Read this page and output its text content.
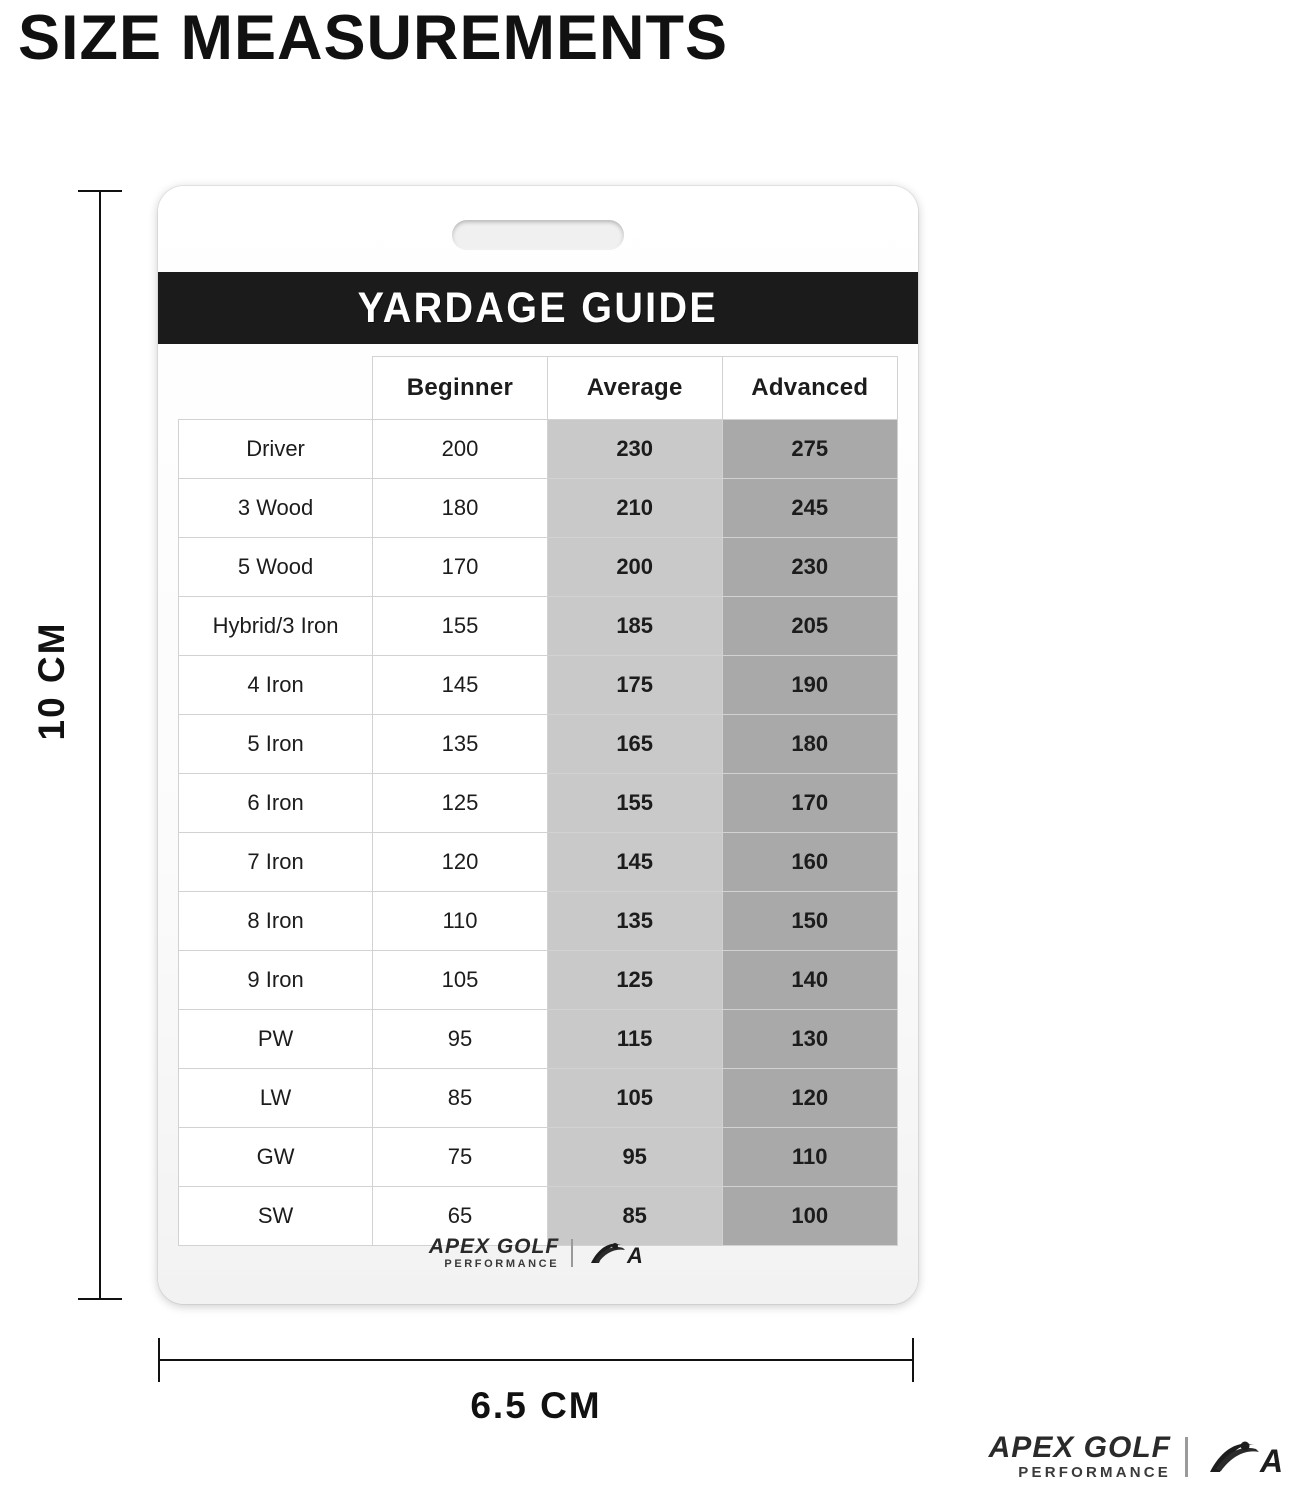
SIZE MEASUREMENTS
10 CM
YARDAGE GUIDE
	Beginner	Average	Advanced
Driver	200	230	275
3 Wood	180	210	245
5 Wood	170	200	230
Hybrid/3 Iron	155	185	205
4 Iron	145	175	190
5 Iron	135	165	180
6 Iron	125	155	170
7 Iron	120	145	160
8 Iron	110	135	150
9 Iron	105	125	140
PW	95	115	130
LW	85	105	120
GW	75	95	110
SW	65	85	100
APEX GOLF
PERFORMANCE	A
6.5 CM
APEX GOLF
PERFORMANCE	A
